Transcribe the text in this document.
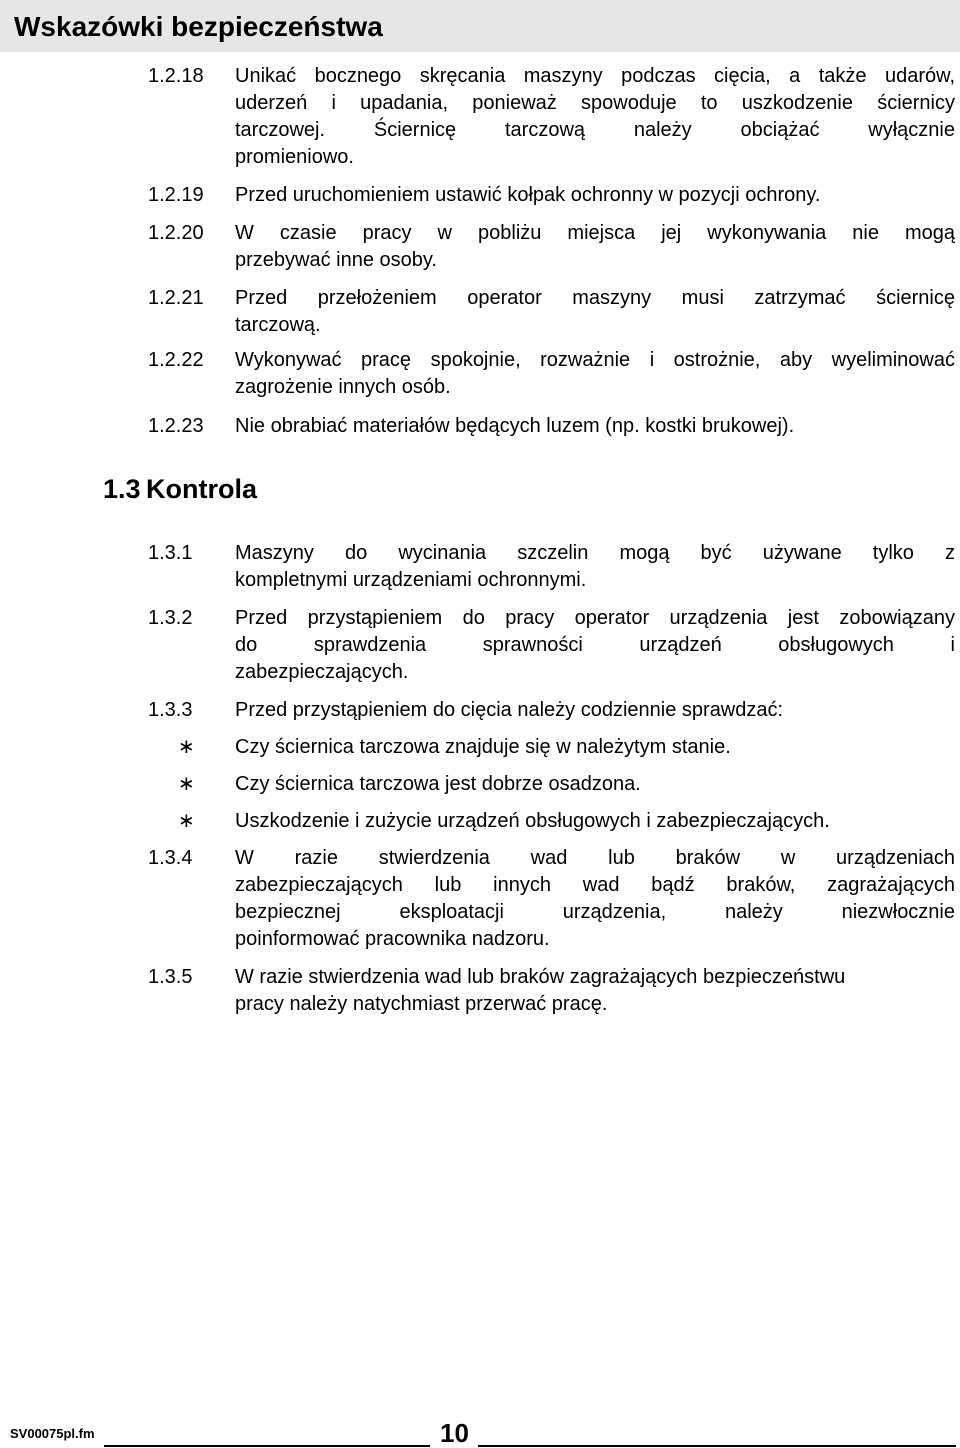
Wskazówki bezpieczeństwa
1.2.18 Unikać bocznego skręcania maszyny podczas cięcia, a także udarów,
uderzeń i upadania, ponieważ spowoduje to uszkodzenie ściernicy
tarczowej. Ściernicę tarczową należy obciążać wyłącznie
promieniowo.
1.2.19 Przed uruchomieniem ustawić kołpak ochronny w pozycji ochrony.
1.2.20 W czasie pracy w pobliżu miejsca jej wykonywania nie mogą
przebywać inne osoby.
1.2.21 Przed przełożeniem operator maszyny musi zatrzymać ściernicę
tarczową.
1.2.22 Wykonywać pracę spokojnie, rozważnie i ostrożnie, aby wyeliminować
zagrożenie innych osób.
1.2.23 Nie obrabiać materiałów będących luzem (np. kostki brukowej).
1.3 Kontrola
1.3.1 Maszyny do wycinania szczelin mogą być używane tylko z
kompletnymi urządzeniami ochronnymi.
1.3.2 Przed przystąpieniem do pracy operator urządzenia jest zobowiązany
do sprawdzenia sprawności urządzeń obsługowych i
zabezpieczających.
1.3.3 Przed przystąpieniem do cięcia należy codziennie sprawdzać:
∗ Czy ściernica tarczowa znajduje się w należytym stanie.
∗ Czy ściernica tarczowa jest dobrze osadzona.
∗ Uszkodzenie i zużycie urządzeń obsługowych i zabezpieczających.
1.3.4 W razie stwierdzenia wad lub braków w urządzeniach
zabezpieczających lub innych wad bądź braków, zagrażających
bezpiecznej eksploatacji urządzenia, należy niezwłocznie
poinformować pracownika nadzoru.
1.3.5 W razie stwierdzenia wad lub braków zagrażających bezpieczeństwu
pracy należy natychmiast przerwać pracę.
SV00075pl.fm	10
